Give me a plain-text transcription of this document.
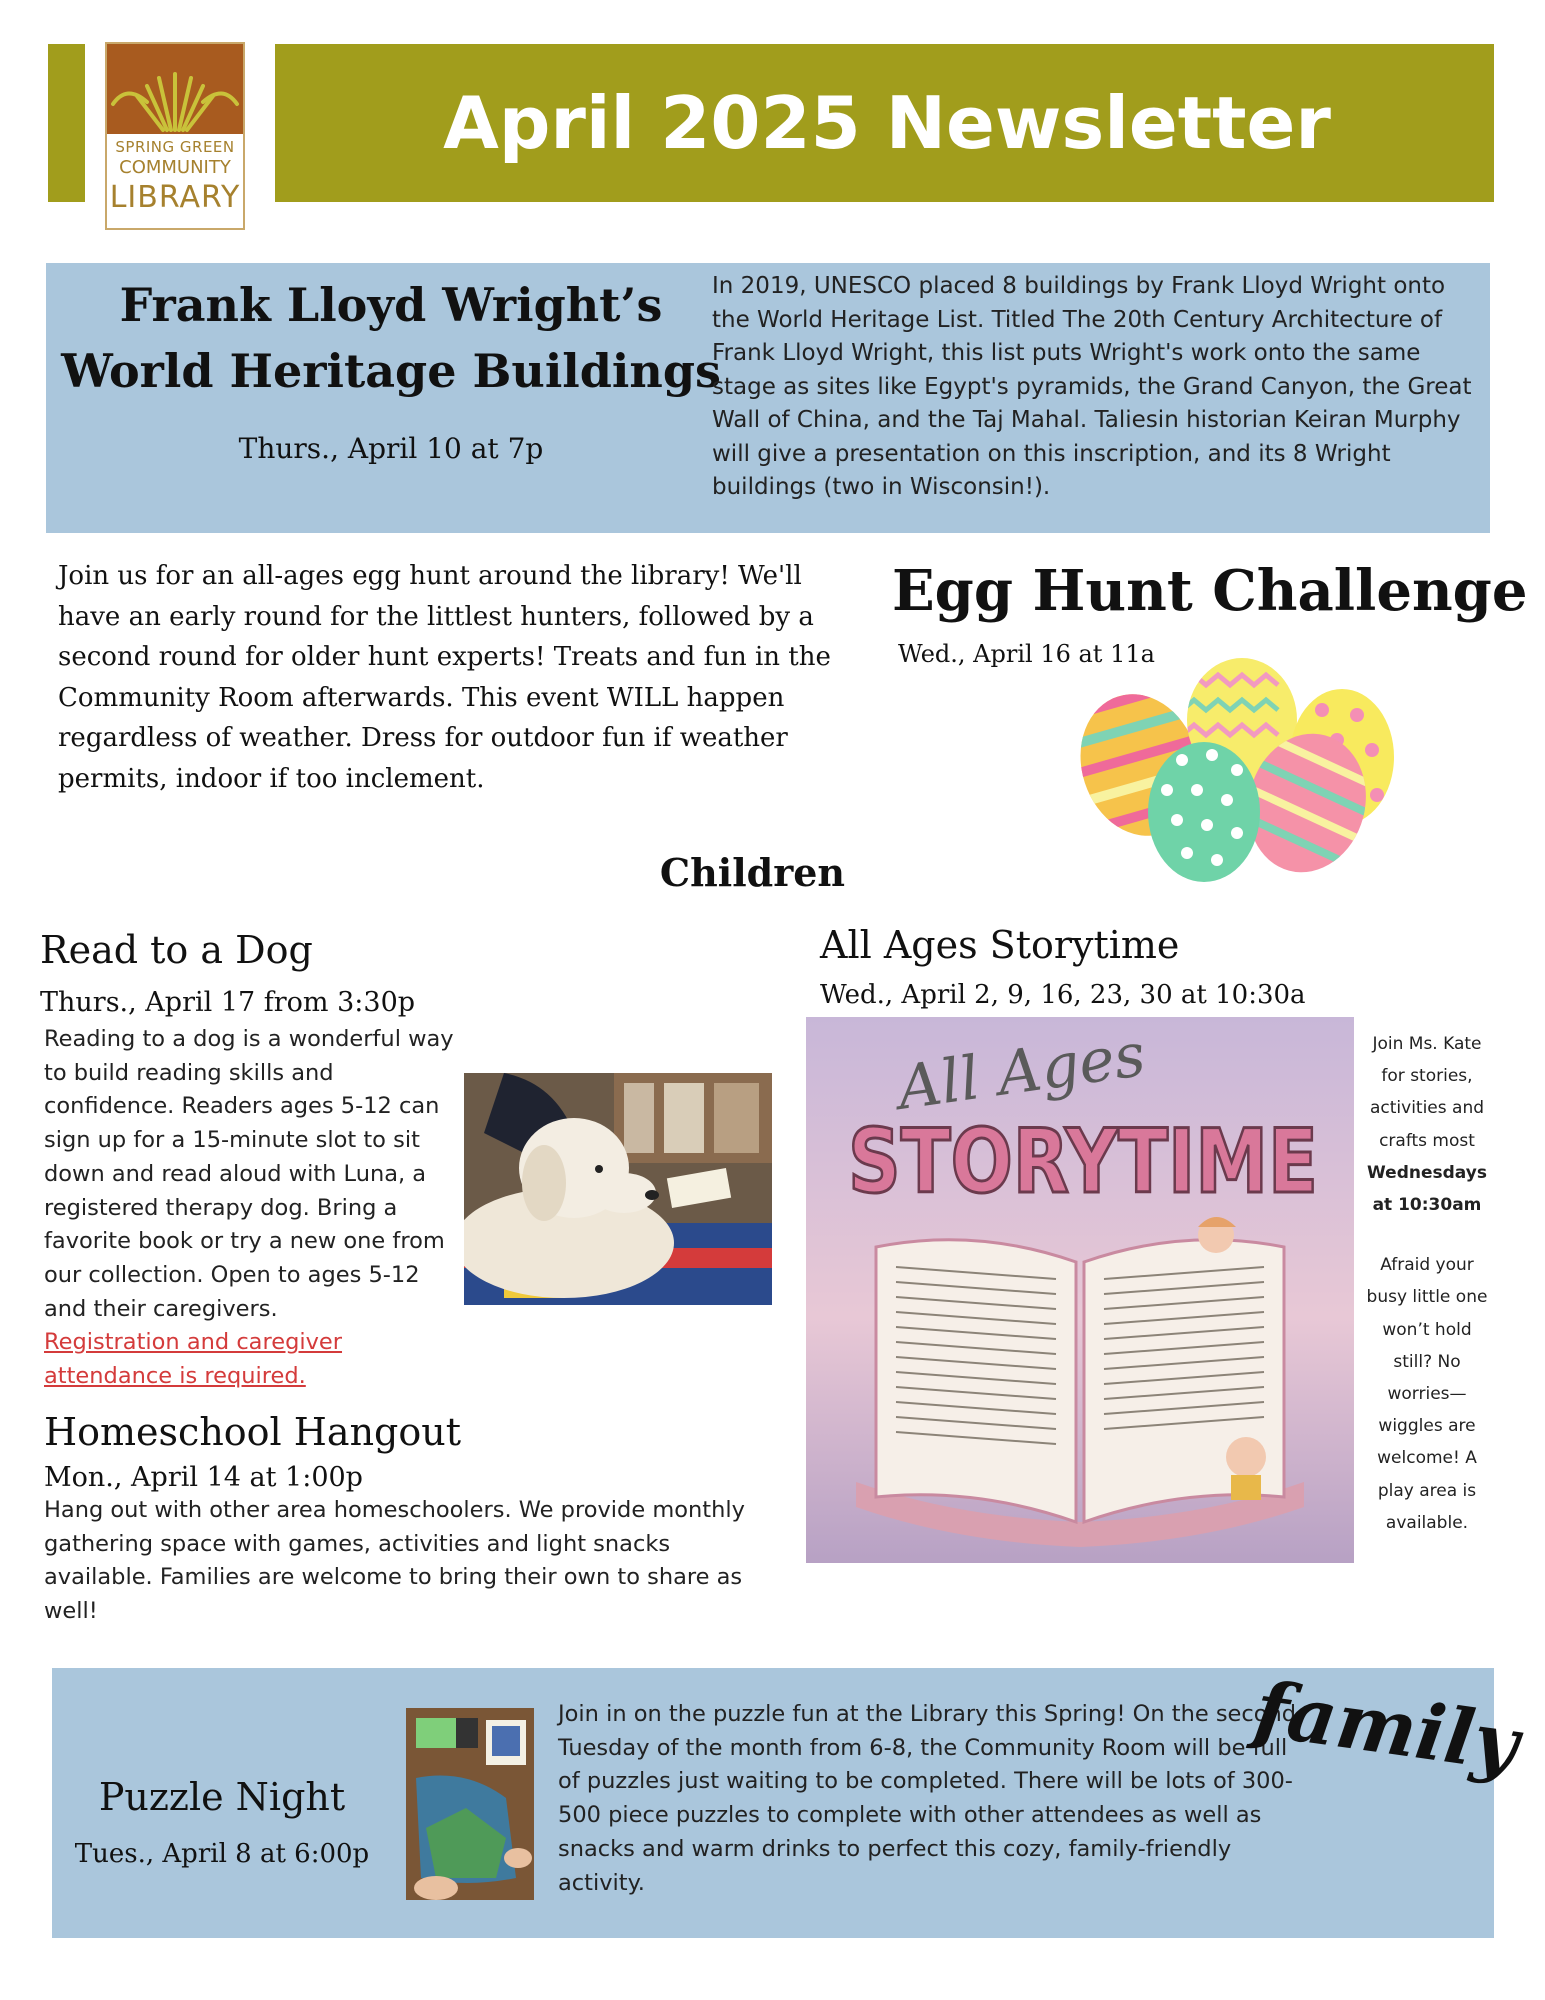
SPRING GREEN
COMMUNITY
LIBRARY
April 2025 Newsletter
Frank Lloyd Wright’s
World Heritage Buildings
Thurs., April 10 at 7p
In 2019, UNESCO placed 8 buildings by Frank Lloyd Wright onto the World Heritage List. Titled The 20th Century Architecture of Frank Lloyd Wright, this list puts Wright's work onto the same stage as sites like Egypt's pyramids, the Grand Canyon, the Great Wall of China, and the Taj Mahal. Taliesin historian Keiran Murphy will give a presentation on this inscription, and its 8 Wright buildings (two in Wisconsin!).
Join us for an all-ages egg hunt around the library! We'll have an early round for the littlest hunters, followed by a second round for older hunt experts! Treats and fun in the Community Room afterwards. This event WILL happen regardless of weather. Dress for outdoor fun if weather permits, indoor if too inclement.
Egg Hunt Challenge
Wed., April 16 at 11a
Children
Read to a Dog
Thurs., April 17 from 3:30p
Reading to a dog is a wonderful way to build reading skills and confidence. Readers ages 5-12 can sign up for a 15-minute slot to sit down and read aloud with Luna, a registered therapy dog. Bring a favorite book or try a new one from our collection. Open to ages 5-12 and their caregivers.
Registration and caregiver attendance is required.
Homeschool Hangout
Mon., April 14 at 1:00p
Hang out with other area homeschoolers. We provide monthly gathering space with games, activities and light snacks available. Families are welcome to bring their own to share as well!
All Ages Storytime
Wed., April 2, 9, 16, 23, 30 at 10:30a
All Ages
STORYTIME
Join Ms. Kate for stories, activities and crafts most
Wednesdays at 10:30am
Afraid your busy little one won’t hold still? No worries—wiggles are welcome! A play area is available.
Puzzle Night
Tues., April 8 at 6:00p
Join in on the puzzle fun at the Library this Spring! On the second Tuesday of the month from 6-8, the Community Room will be full of puzzles just waiting to be completed. There will be lots of 300-500 piece puzzles to complete with other attendees as well as snacks and warm drinks to perfect this cozy, family-friendly activity.
family
